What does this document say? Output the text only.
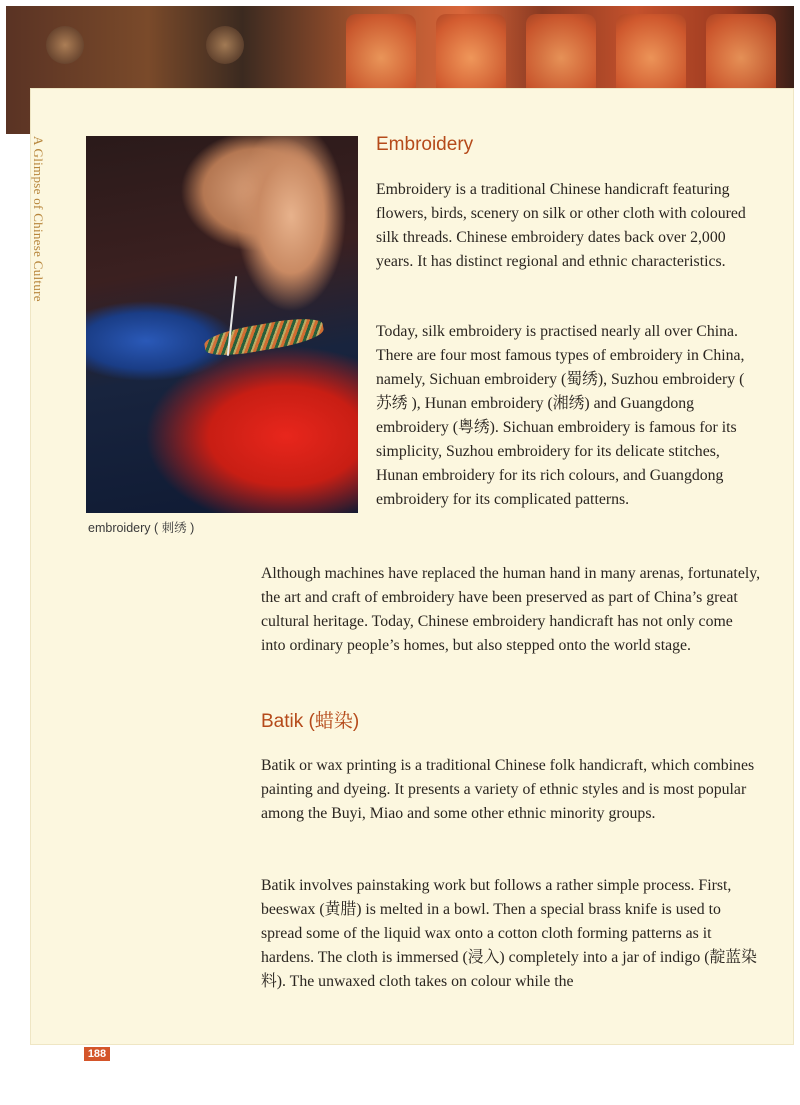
A Glimpse of Chinese Culture
embroidery ( 刺绣 )
Embroidery

Embroidery is a traditional Chinese handicraft featuring flowers, birds, scenery on silk or other cloth with coloured silk threads. Chinese embroidery dates back over 2,000 years. It has distinct regional and ethnic characteristics.

Today, silk embroidery is practised nearly all over China. There are four most famous types of embroidery in China, namely, Sichuan embroidery (蜀绣), Suzhou embroidery ( 苏绣 ), Hunan embroidery (湘绣) and Guangdong embroidery (粤绣). Sichuan embroidery is famous for its simplicity, Suzhou embroidery for its delicate stitches, Hunan embroidery for its rich colours, and Guangdong embroidery for its complicated patterns.

Although machines have replaced the human hand in many arenas, fortunately, the art and craft of embroidery have been preserved as part of China’s great cultural heritage. Today, Chinese embroidery handicraft has not only come into ordinary people’s homes, but also stepped onto the world stage.

Batik (蜡染)

Batik or wax printing is a traditional Chinese folk handicraft, which combines painting and dyeing. It presents a variety of ethnic styles and is most popular among the Buyi, Miao and some other ethnic minority groups.

Batik involves painstaking work but follows a rather simple process. First, beeswax (黄腊) is melted in a bowl. Then a special brass knife is used to spread some of the liquid wax onto a cotton cloth forming patterns as it hardens. The cloth is immersed (浸入) completely into a jar of indigo (靛蓝染料). The unwaxed cloth takes on colour while the

188
